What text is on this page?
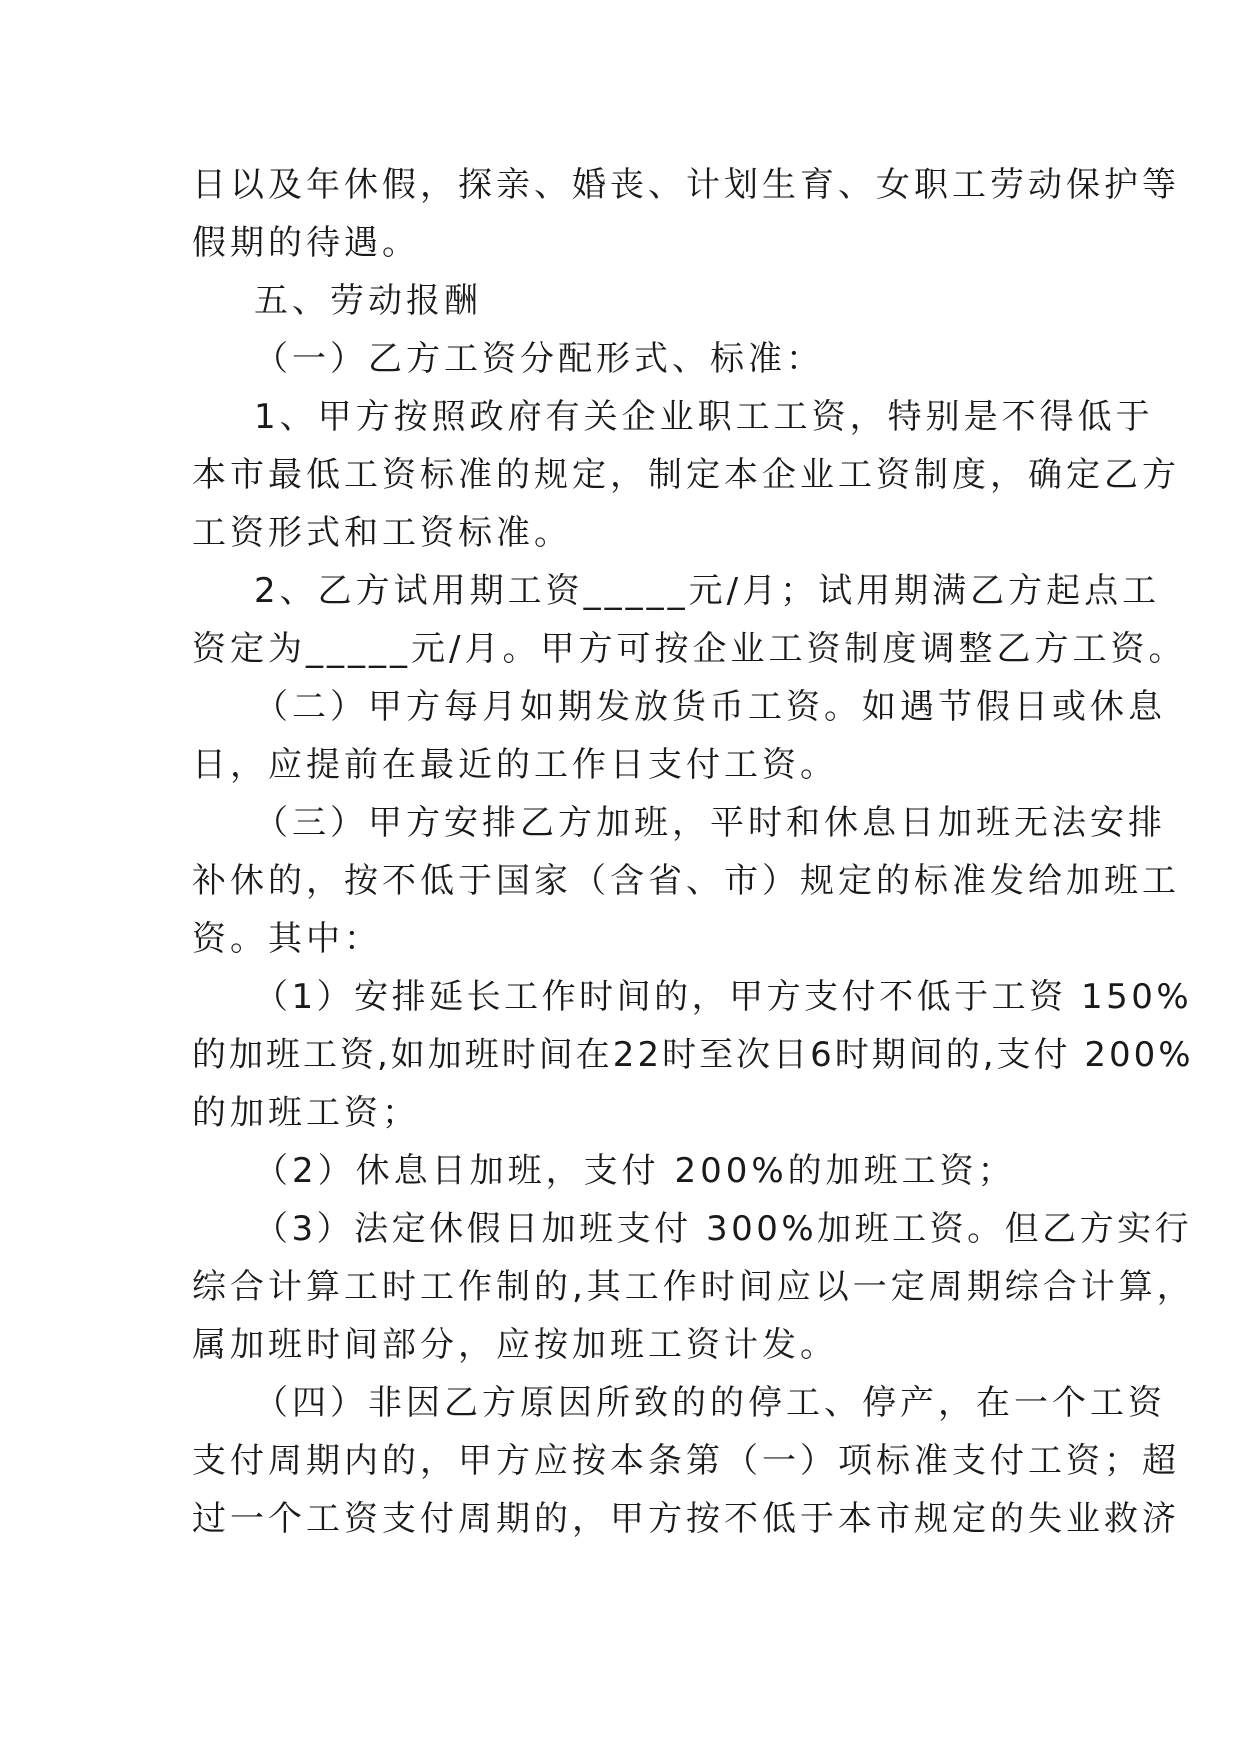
日以及年休假，探亲、婚丧、计划生育、女职工劳动保护等
假期的待遇。
五、劳动报酬
（一）乙方工资分配形式、标准：
1、甲方按照政府有关企业职工工资，特别是不得低于
本市最低工资标准的规定，制定本企业工资制度，确定乙方
工资形式和工资标准。
2、乙方试用期工资_____元/月；试用期满乙方起点工
资定为_____元/月。甲方可按企业工资制度调整乙方工资。
（二）甲方每月如期发放货币工资。如遇节假日或休息
日，应提前在最近的工作日支付工资。
（三）甲方安排乙方加班，平时和休息日加班无法安排
补休的，按不低于国家（含省、市）规定的标准发给加班工
资。其中：
（1）安排延长工作时间的，甲方支付不低于工资 150%
的加班工资,如加班时间在22时至次日6时期间的,支付 200%
的加班工资；
（2）休息日加班，支付 200%的加班工资；
（3）法定休假日加班支付 300%加班工资。但乙方实行
综合计算工时工作制的,其工作时间应以一定周期综合计算，
属加班时间部分，应按加班工资计发。
（四）非因乙方原因所致的的停工、停产，在一个工资
支付周期内的，甲方应按本条第（一）项标准支付工资；超
过一个工资支付周期的，甲方按不低于本市规定的失业救济
